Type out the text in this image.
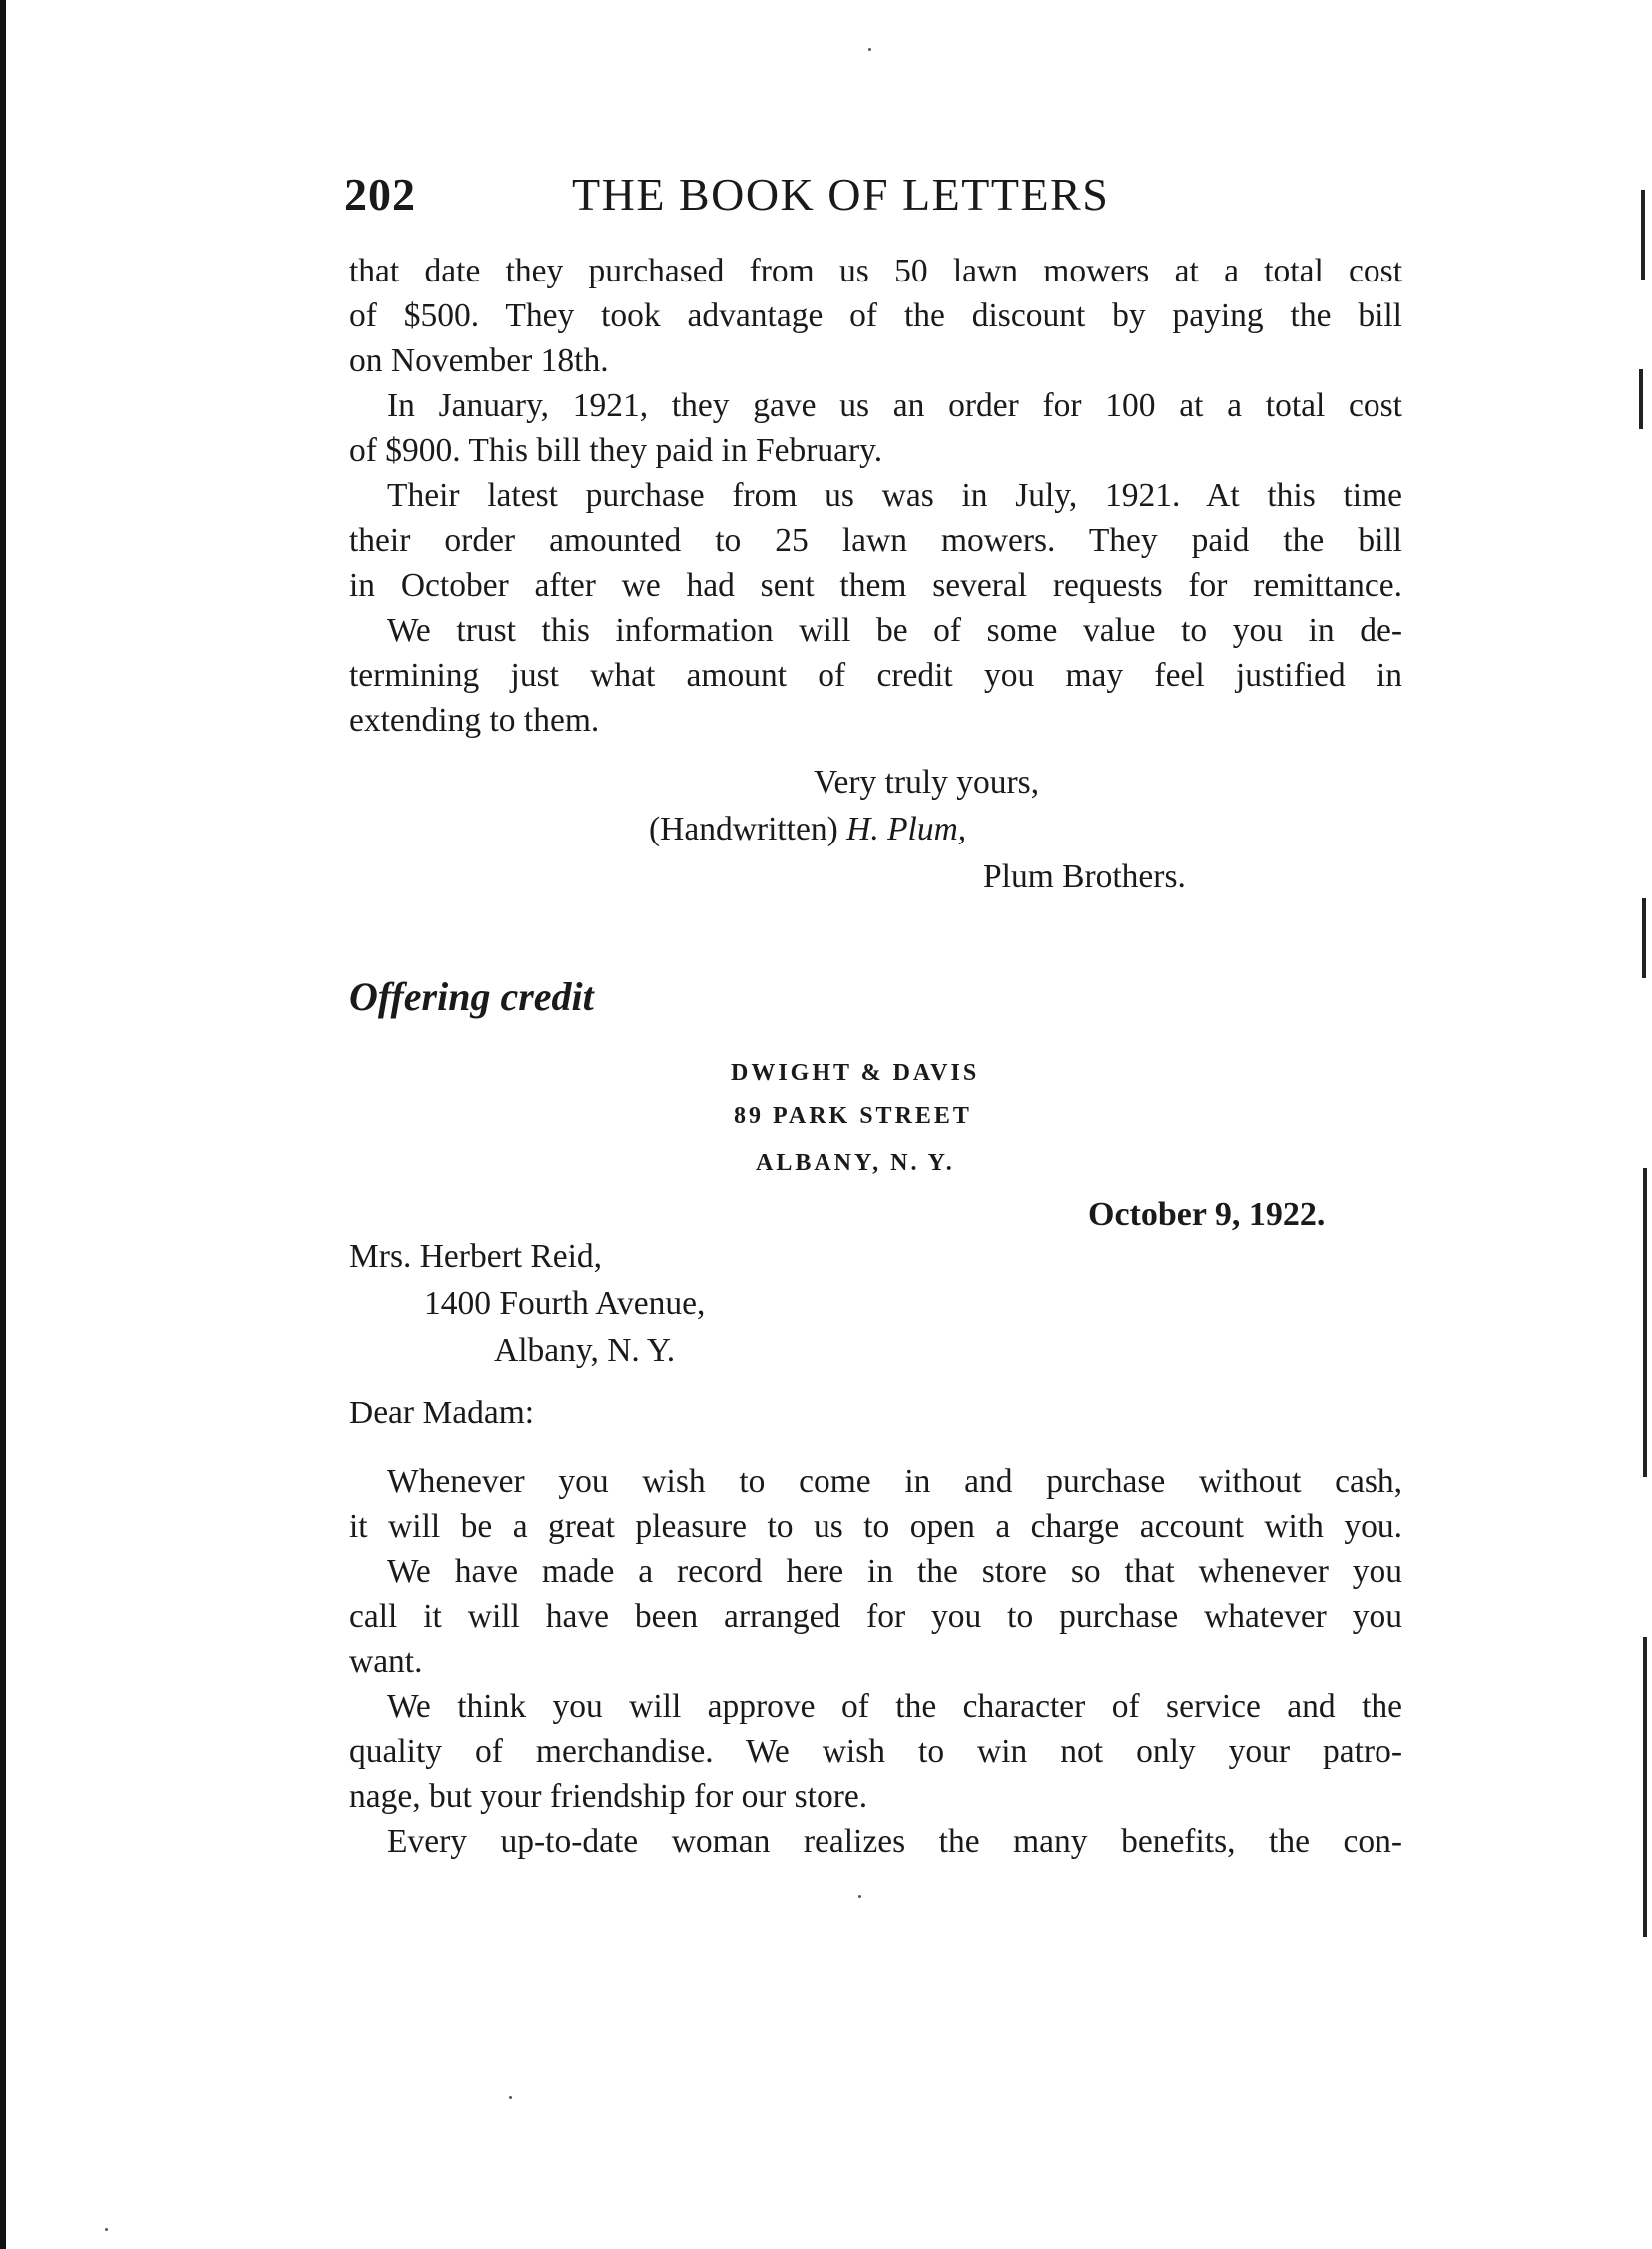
202	THE BOOK OF LETTERS

that date they purchased from us 50 lawn mowers at a total cost
of $500. They took advantage of the discount by paying the bill
on November 18th.

In January, 1921, they gave us an order for 100 at a total cost
of $900. This bill they paid in February.

Their latest purchase from us was in July, 1921. At this time
their order amounted to 25 lawn mowers. They paid the bill
in October after we had sent them several requests for remittance.

We trust this information will be of some value to you in de-
termining just what amount of credit you may feel justified in
extending to them.

Very truly yours,
(Handwritten) H. Plum,
Plum Brothers.
Offering credit
DWIGHT & DAVIS
89 PARK STREET
ALBANY, N. Y.
October 9, 1922.
Mrs. Herbert Reid,
1400 Fourth Avenue,
Albany, N. Y.
Dear Madam:

Whenever you wish to come in and purchase without cash,
it will be a great pleasure to us to open a charge account with you.

We have made a record here in the store so that whenever you
call it will have been arranged for you to purchase whatever you
want.

We think you will approve of the character of service and the
quality of merchandise. We wish to win not only your patro-
nage, but your friendship for our store.

Every up-to-date woman realizes the many benefits, the con-
